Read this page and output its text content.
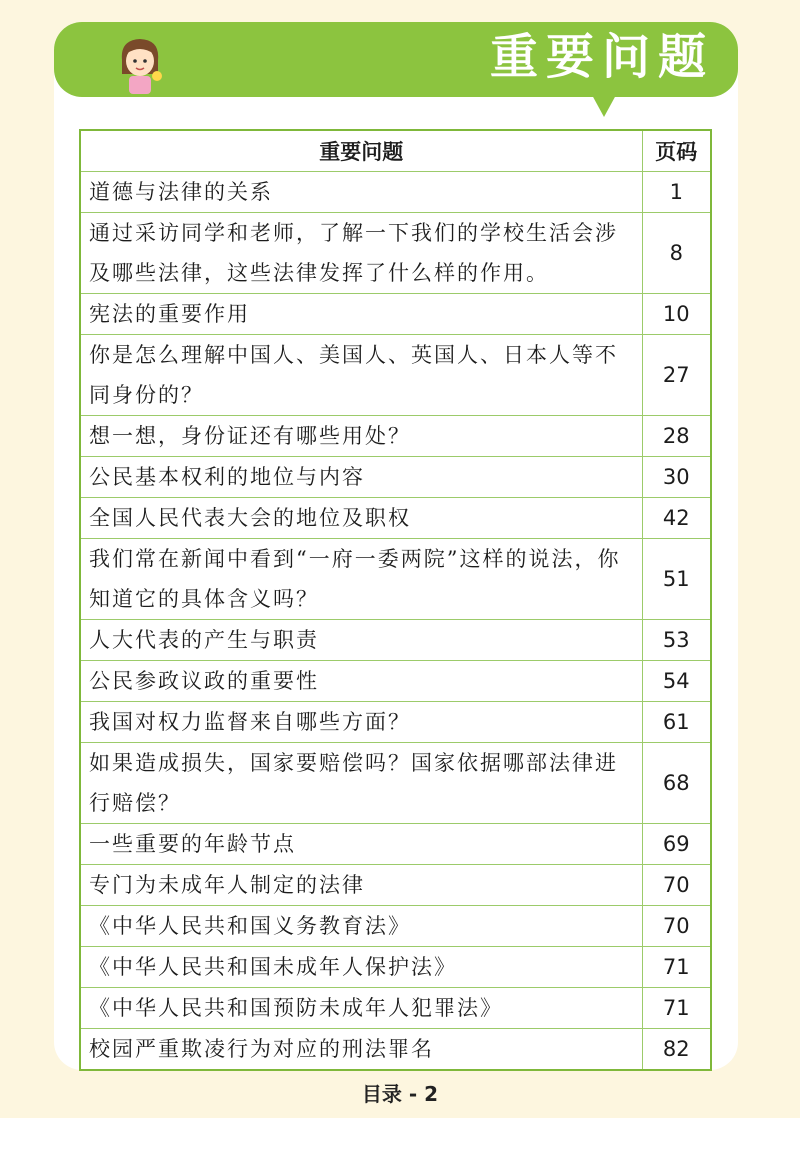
重要问题
重要问题	页码
道德与法律的关系	1
通过采访同学和老师，了解一下我们的学校生活会涉及哪些法律，这些法律发挥了什么样的作用。	8
宪法的重要作用	10
你是怎么理解中国人、美国人、英国人、日本人等不同身份的？	27
想一想，身份证还有哪些用处？	28
公民基本权利的地位与内容	30
全国人民代表大会的地位及职权	42
我们常在新闻中看到“一府一委两院”这样的说法，你知道它的具体含义吗？	51
人大代表的产生与职责	53
公民参政议政的重要性	54
我国对权力监督来自哪些方面？	61
如果造成损失，国家要赔偿吗？国家依据哪部法律进行赔偿？	68
一些重要的年龄节点	69
专门为未成年人制定的法律	70
《中华人民共和国义务教育法》	70
《中华人民共和国未成年人保护法》	71
《中华人民共和国预防未成年人犯罪法》	71
校园严重欺凌行为对应的刑法罪名	82
目录 - 2
